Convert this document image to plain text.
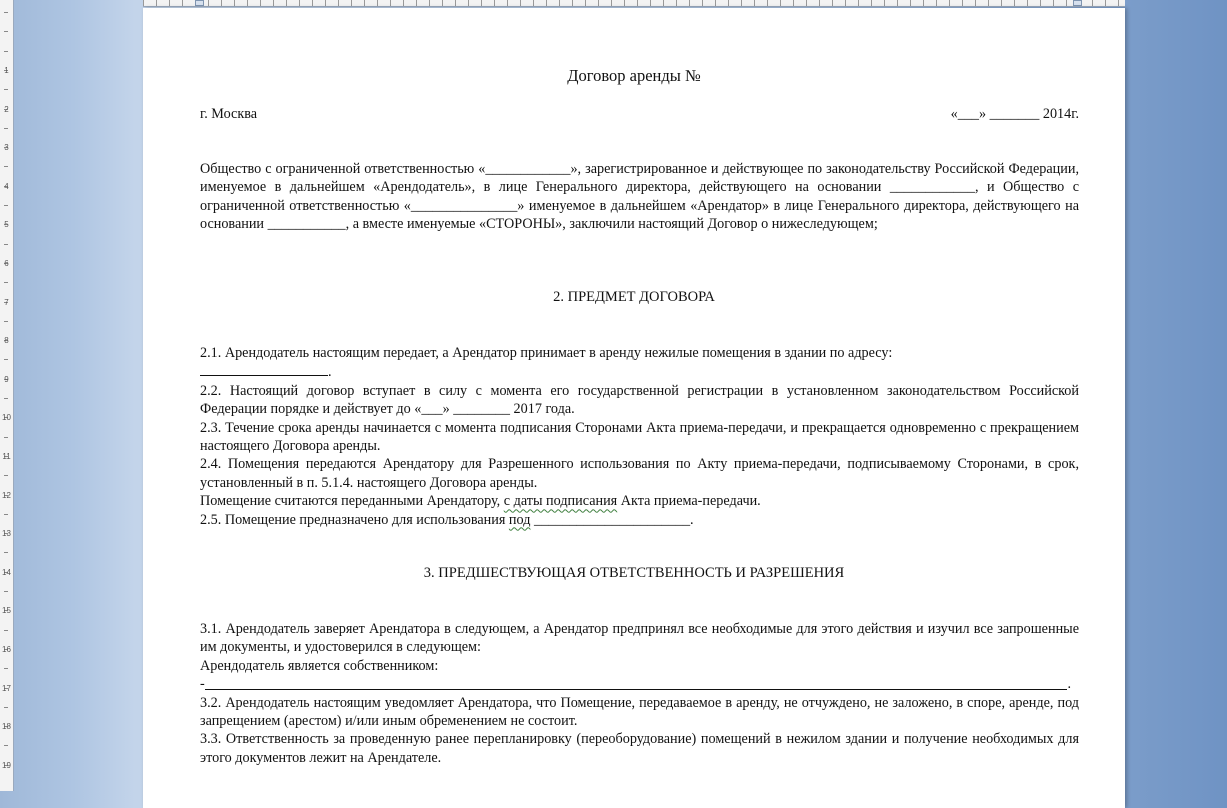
1
2
3
4
5
6
7
8
9
10
11
12
13
14
15
16
17
18
19
Договор аренды №
г. Москва	«___» _______ 2014г.
Общество с ограниченной ответственностью «____________», зарегистрированное и действующее по законодательству Российской Федерации, именуемое в дальнейшем «Арендодатель», в лице Генерального директора, действующего на основании ____________, и Общество с ограниченной ответственностью «_______________» именуемое в дальнейшем «Арендатор» в лице Генерального директора, действующего на основании ___________, а вместе именуемые «СТОРОНЫ», заключили настоящий Договор о нижеследующем;
2. ПРЕДМЕТ ДОГОВОРА
2.1. Арендодатель настоящим передает, а Арендатор принимает в аренду нежилые помещения в здании по адресу:
.
2.2. Настоящий договор вступает в силу с момента его государственной регистрации в установленном законодательством Российской Федерации порядке и действует до «___» ________ 2017 года.
2.3. Течение срока аренды начинается с момента подписания Сторонами Акта приема-передачи, и прекращается одновременно с прекращением настоящего Договора аренды.
2.4. Помещения передаются Арендатору для Разрешенного использования по Акту приема-передачи, подписываемому Сторонами, в срок, установленный в п. 5.1.4. настоящего Договора аренды.
Помещение считаются переданными Арендатору, с даты подписания Акта приема-передачи.
2.5. Помещение предназначено для использования под ______________________.
3. ПРЕДШЕСТВУЮЩАЯ ОТВЕТСТВЕННОСТЬ И РАЗРЕШЕНИЯ
3.1. Арендодатель заверяет Арендатора в следующем, а Арендатор предпринял все необходимые для этого действия и изучил все запрошенные им документы, и удостоверился в следующем:
Арендодатель является собственником:
-	.
3.2. Арендодатель настоящим уведомляет Арендатора, что Помещение, передаваемое в аренду, не отчуждено, не заложено, в споре, аренде, под запрещением (арестом) и/или иным обременением не состоит.
3.3. Ответственность за проведенную ранее перепланировку (переоборудование) помещений в нежилом здании и получение необходимых для этого документов лежит на Арендателе.
